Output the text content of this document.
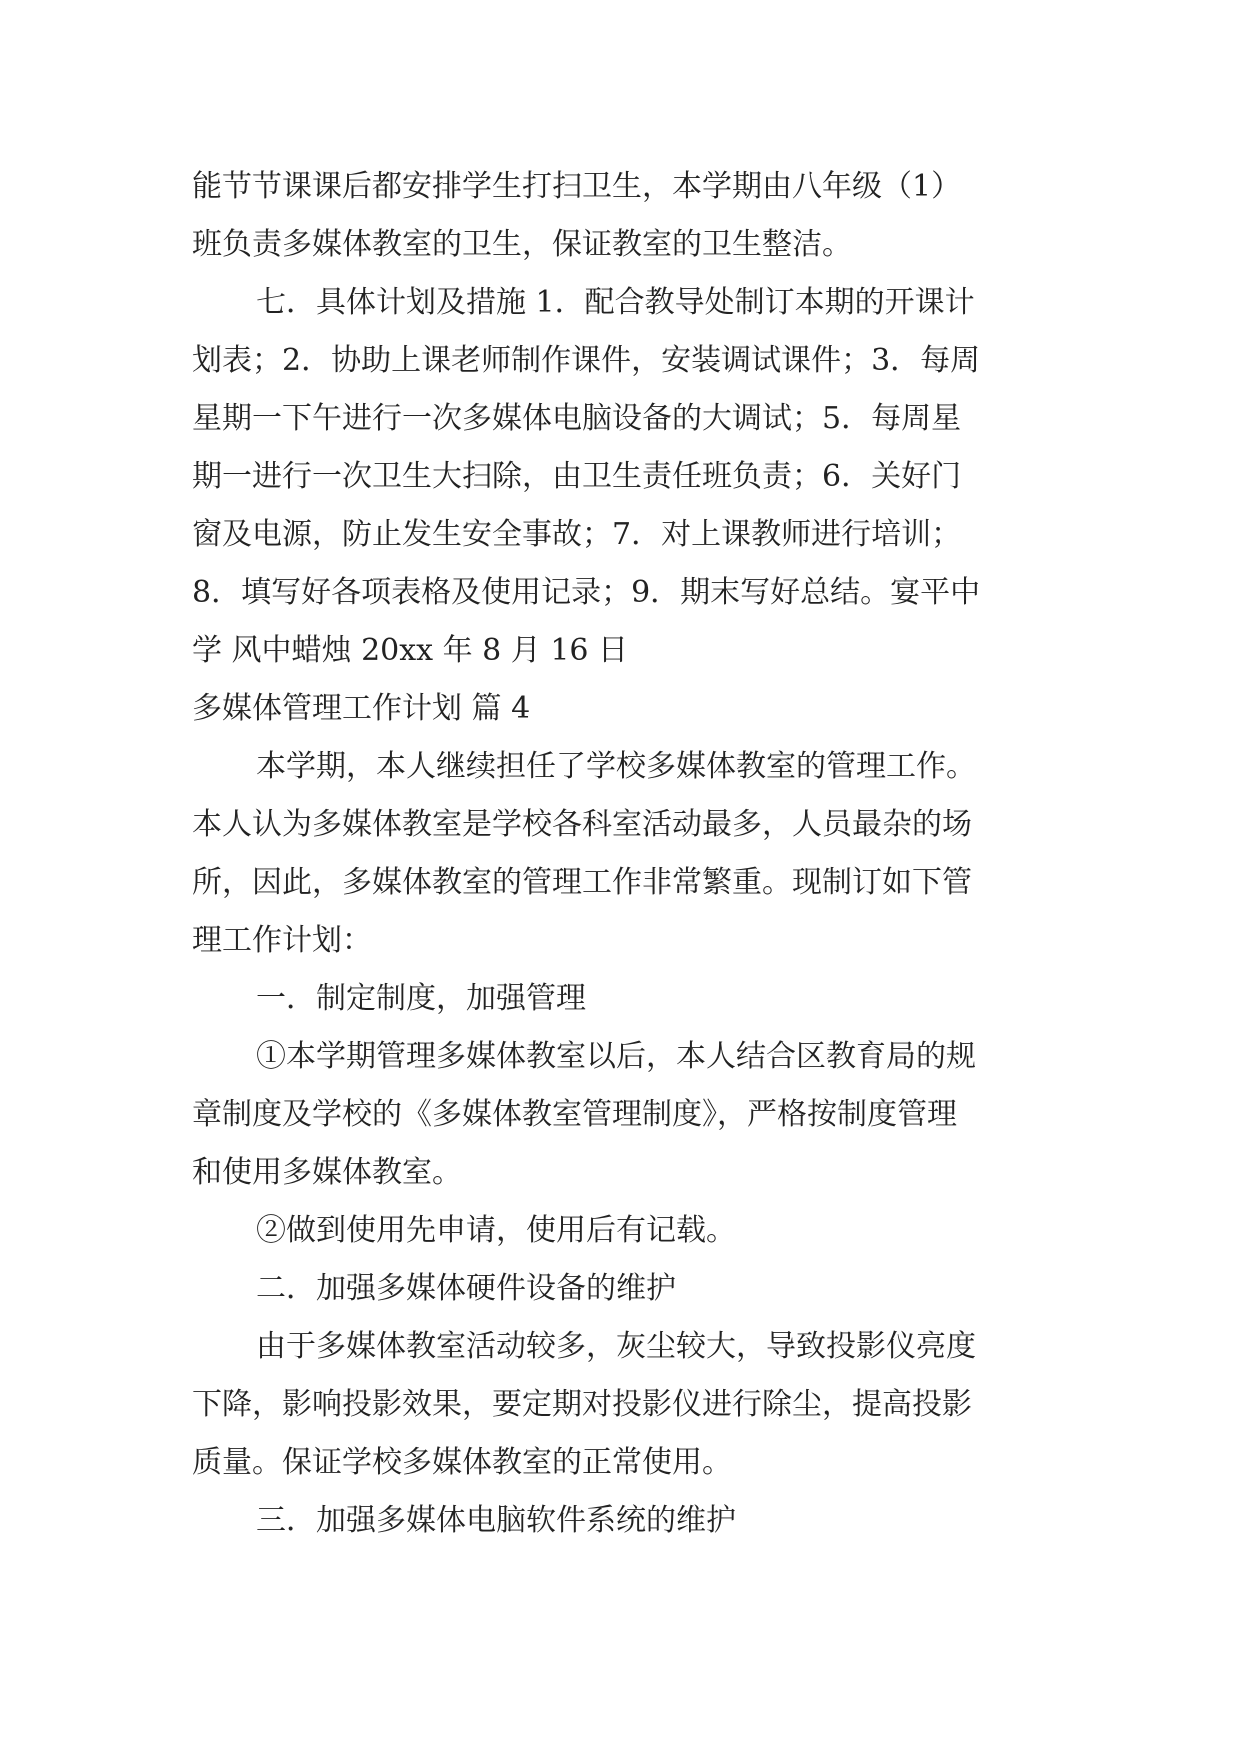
能节节课课后都安排学生打扫卫生，本学期由八年级（1）
班负责多媒体教室的卫生，保证教室的卫生整洁。
七．具体计划及措施 1．配合教导处制订本期的开课计
划表；2．协助上课老师制作课件，安装调试课件；3．每周
星期一下午进行一次多媒体电脑设备的大调试；5．每周星
期一进行一次卫生大扫除，由卫生责任班负责；6．关好门
窗及电源，防止发生安全事故；7．对上课教师进行培训；
8．填写好各项表格及使用记录；9．期末写好总结。宴平中
学 风中蜡烛 20xx 年 8 月 16 日
多媒体管理工作计划 篇 4
本学期，本人继续担任了学校多媒体教室的管理工作。
本人认为多媒体教室是学校各科室活动最多，人员最杂的场
所，因此，多媒体教室的管理工作非常繁重。现制订如下管
理工作计划：
一．制定制度，加强管理
①本学期管理多媒体教室以后，本人结合区教育局的规
章制度及学校的《多媒体教室管理制度》，严格按制度管理
和使用多媒体教室。
②做到使用先申请，使用后有记载。
二．加强多媒体硬件设备的维护
由于多媒体教室活动较多，灰尘较大，导致投影仪亮度
下降，影响投影效果，要定期对投影仪进行除尘，提高投影
质量。保证学校多媒体教室的正常使用。
三．加强多媒体电脑软件系统的维护
